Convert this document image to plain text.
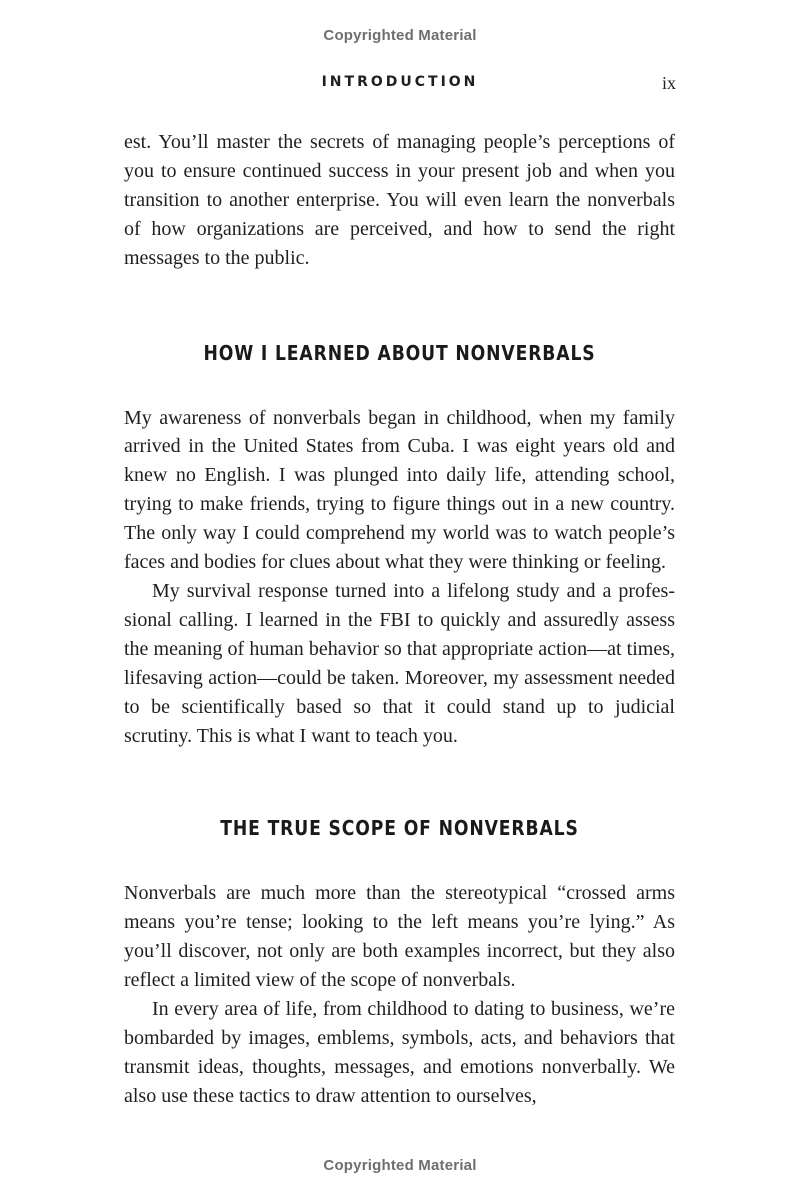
Copyrighted Material
INTRODUCTION	ix

est. You’ll master the secrets of managing people’s perceptions of you to ensure continued success in your present job and when you transition to another enterprise. You will even learn the nonverbals of how organizations are perceived, and how to send the right messages to the public.

HOW I LEARNED ABOUT NONVERBALS

My awareness of nonverbals began in childhood, when my family arrived in the United States from Cuba. I was eight years old and knew no English. I was plunged into daily life, attending school, trying to make friends, trying to figure things out in a new country. The only way I could comprehend my world was to watch people’s faces and bodies for clues about what they were thinking or feeling.

My survival response turned into a lifelong study and a professional calling. I learned in the FBI to quickly and assuredly assess the meaning of human behavior so that appropriate action—at times, lifesaving action—could be taken. Moreover, my assessment needed to be scientifically based so that it could stand up to judicial scrutiny. This is what I want to teach you.

THE TRUE SCOPE OF NONVERBALS

Nonverbals are much more than the stereotypical “crossed arms means you’re tense; looking to the left means you’re lying.” As you’ll discover, not only are both examples incorrect, but they also reflect a limited view of the scope of nonverbals.

In every area of life, from childhood to dating to business, we’re bombarded by images, emblems, symbols, acts, and behaviors that transmit ideas, thoughts, messages, and emotions nonverbally. We also use these tactics to draw attention to ourselves,

Copyrighted Material
